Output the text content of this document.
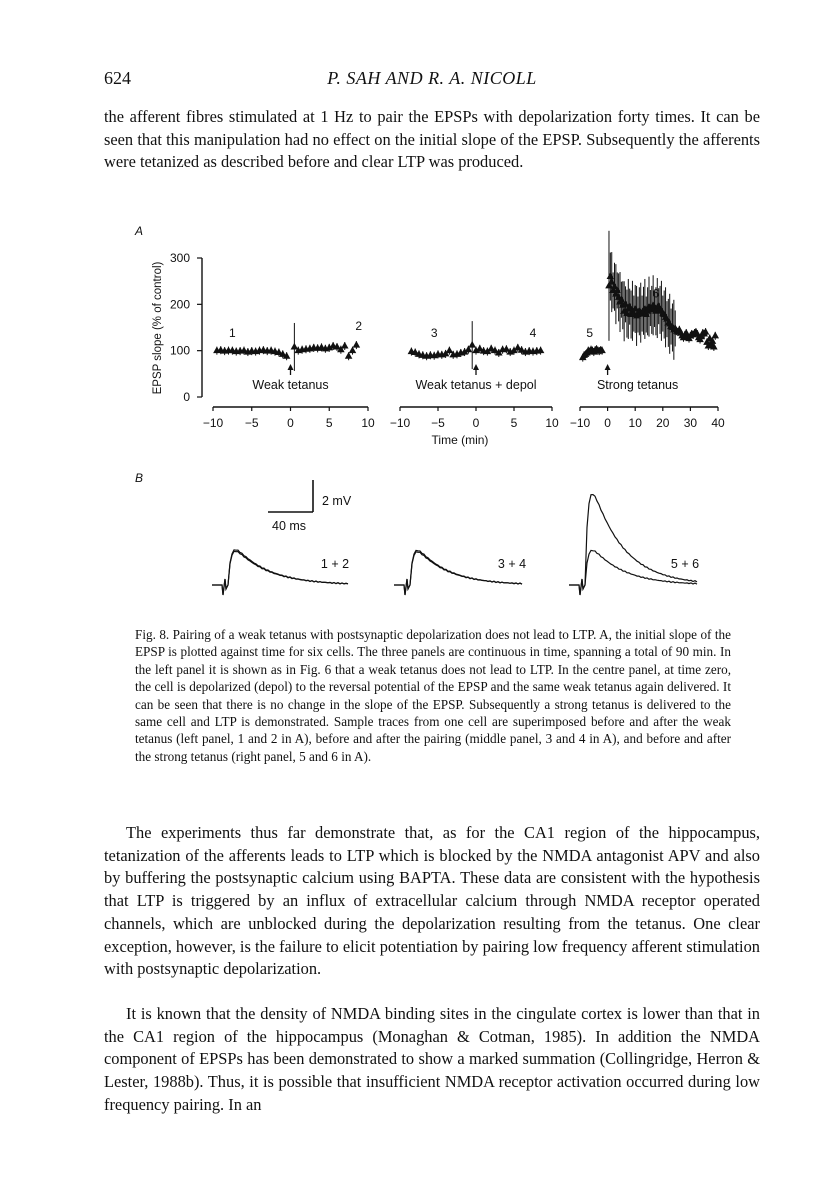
624	P. SAH AND R. A. NICOLL

the afferent fibres stimulated at 1 Hz to pair the EPSPs with depolarization forty times. It can be seen that this manipulation had no effect on the initial slope of the EPSP. Subsequently the afferents were tetanized as described before and clear LTP was produced.

A
0
100
200
300
EPSP slope (% of control)
−10 −5 0	5 10
Weak tetanus
1	2
−10 −5 0	5 10
Weak tetanus + depol
3	4
−10 0 10 20 30 40
Strong tetanus
5
6
Time (min)
B
2 mV
40 ms
1 + 2	3 + 4	5 + 6

Fig. 8. Pairing of a weak tetanus with postsynaptic depolarization does not lead to LTP. A, the initial slope of the EPSP is plotted against time for six cells. The three panels are continuous in time, spanning a total of 90 min. In the left panel it is shown as in Fig. 6 that a weak tetanus does not lead to LTP. In the centre panel, at time zero, the cell is depolarized (depol) to the reversal potential of the EPSP and the same weak tetanus again delivered. It can be seen that there is no change in the slope of the EPSP. Subsequently a strong tetanus is delivered to the same cell and LTP is demonstrated. Sample traces from one cell are superimposed before and after the weak tetanus (left panel, 1 and 2 in A), before and after the pairing (middle panel, 3 and 4 in A), and before and after the strong tetanus (right panel, 5 and 6 in A).

The experiments thus far demonstrate that, as for the CA1 region of the hippocampus, tetanization of the afferents leads to LTP which is blocked by the NMDA antagonist APV and also by buffering the postsynaptic calcium using BAPTA. These data are consistent with the hypothesis that LTP is triggered by an influx of extracellular calcium through NMDA receptor operated channels, which are unblocked during the depolarization resulting from the tetanus. One clear exception, however, is the failure to elicit potentiation by pairing low frequency afferent stimulation with postsynaptic depolarization.

It is known that the density of NMDA binding sites in the cingulate cortex is lower than that in the CA1 region of the hippocampus (Monaghan & Cotman, 1985). In addition the NMDA component of EPSPs has been demonstrated to show a marked summation (Collingridge, Herron & Lester, 1988b). Thus, it is possible that insufficient NMDA receptor activation occurred during low frequency pairing. In an
